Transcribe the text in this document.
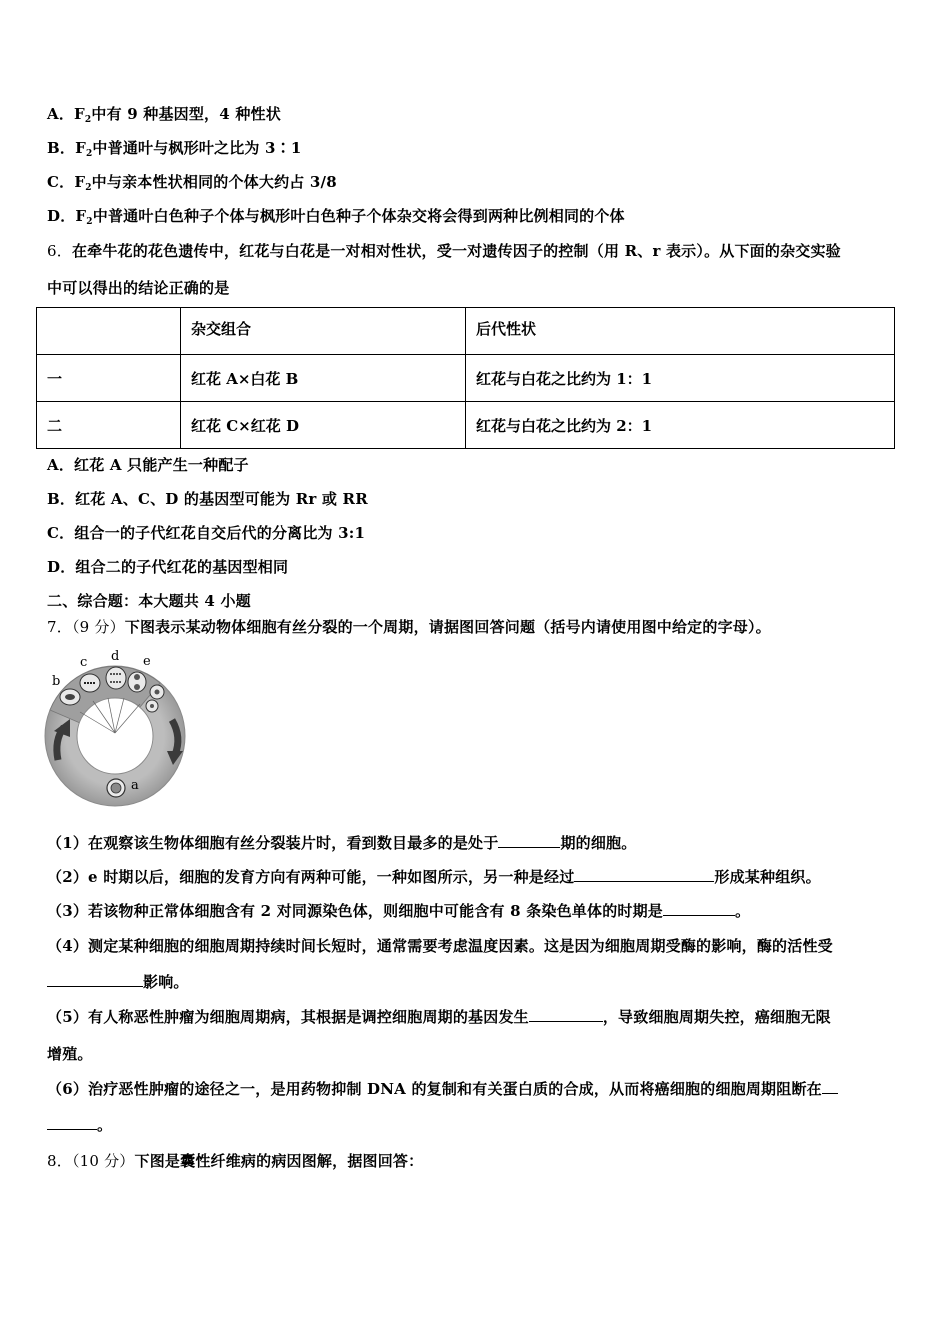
A．$F_2$中有 9 种基因型，4 种性状
B．$F_2$中普通叶与枫形叶之比为 3∶1
C．$F_2$中与亲本性状相同的个体大约占 3/8
D．$F_2$中普通叶白色种子个体与枫形叶白色种子个体杂交将会得到两种比例相同的个体
6．在牵牛花的花色遗传中，红花与白花是一对相对性状，受一对遗传因子的控制（用 R、r 表示）。从下面的杂交实验
中可以得出的结论正确的是
	杂交组合	后代性状
一	红花 A×白花 B	红花与白花之比约为 1：1
二	红花 C×红花 D	红花与白花之比约为 2：1
A．红花 A 只能产生一种配子
B．红花 A、C、D 的基因型可能为 Rr 或 RR
C．组合一的子代红花自交后代的分离比为 3:1
D．组合二的子代红花的基因型相同
二、综合题：本大题共 4 小题
7．（9 分）下图表示某动物体细胞有丝分裂的一个周期，请据图回答问题（括号内请使用图中给定的字母）。
b
c d e
a
（1）在观察该生物体细胞有丝分裂装片时，看到数目最多的是处于	期的细胞。
（2）e 时期以后，细胞的发育方向有两种可能，一种如图所示，另一种是经过	形成某种组织。
（3）若该物种正常体细胞含有 2 对同源染色体，则细胞中可能含有 8 条染色单体的时期是	。
（4）测定某种细胞的细胞周期持续时间长短时，通常需要考虑温度因素。这是因为细胞周期受酶的影响，酶的活性受
影响。
（5）有人称恶性肿瘤为细胞周期病，其根据是调控细胞周期的基因发生	，导致细胞周期失控，癌细胞无限
增殖。
（6）治疗恶性肿瘤的途径之一，是用药物抑制 DNA 的复制和有关蛋白质的合成，从而将癌细胞的细胞周期阻断在
。
8．（10 分）下图是囊性纤维病的病因图解，据图回答：
